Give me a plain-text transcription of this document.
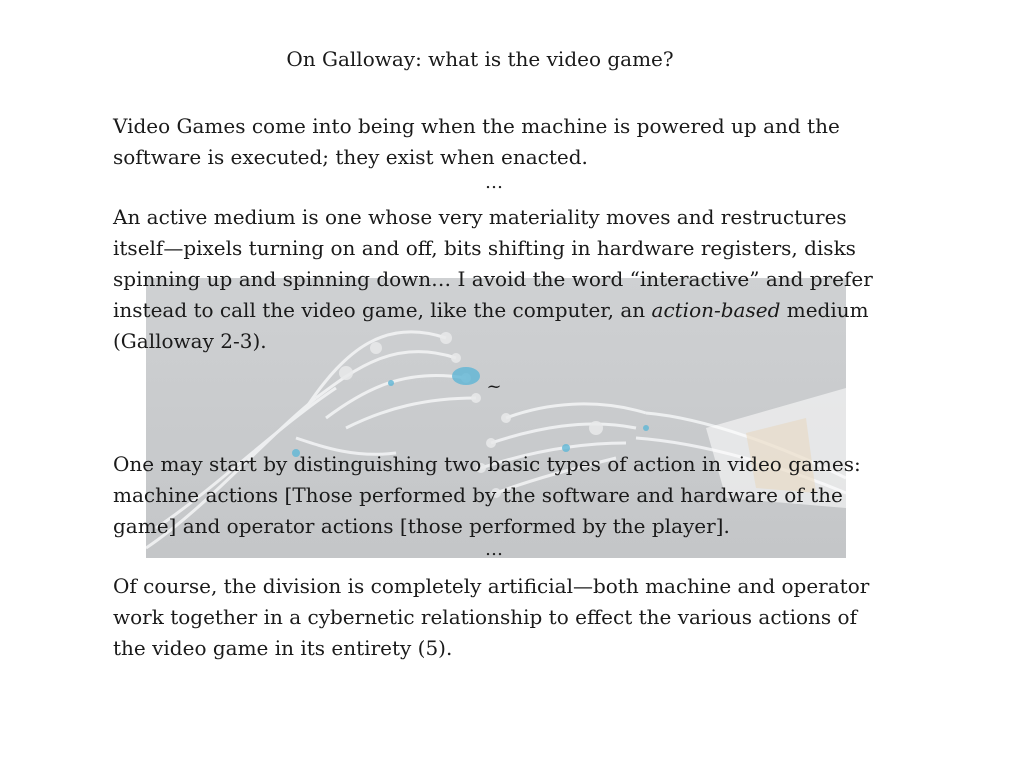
On Galloway: what is the video game?

Video Games come into being when the machine is powered up and the software is executed; they exist when enacted.

…

An active medium is one whose very materiality moves and restructures itself—pixels turning on and off, bits shifting in hardware registers, disks spinning up and spinning down… I avoid the word “interactive” and prefer instead to call the video game, like the computer, an action-based medium (Galloway 2-3).

~

One may start by distinguishing two basic types of action in video games: machine actions [Those performed by the software and hardware of the game] and operator actions [those performed by the player].

…

Of course, the division is completely artificial—both machine and operator work together in a cybernetic relationship to effect the various actions of the video game in its entirety (5).
